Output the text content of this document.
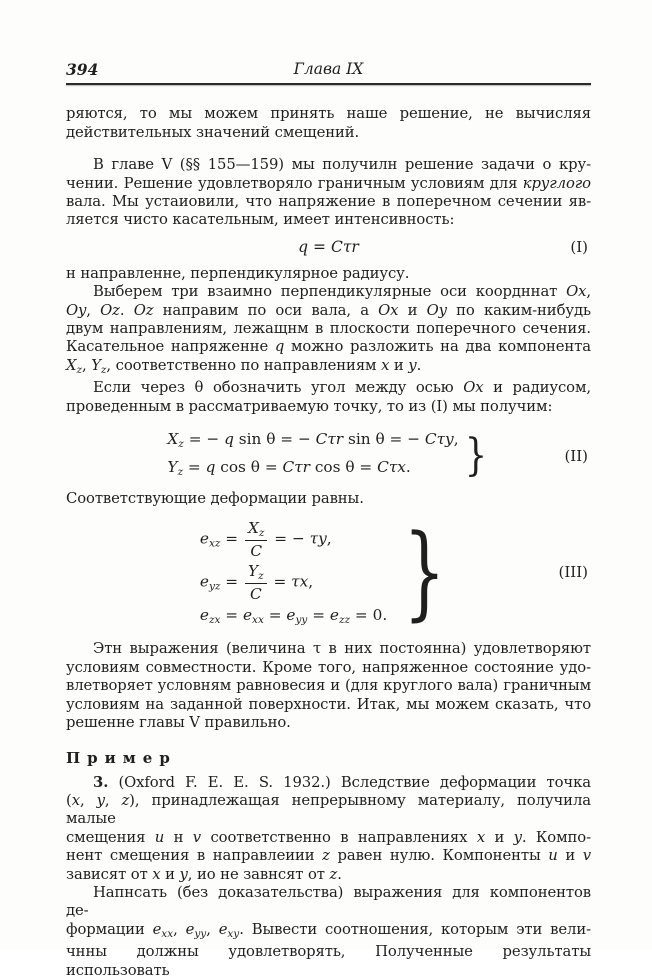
394	Глава IX
ряются, то мы можем принять наше решение, не вычисляя
действительных значений смещений.
В главе V (§§ 155—159) мы получилн решение задачи о кру-
чении. Решение удовлетворяло граничным условиям для круглого
вала. Мы устаиовили, что напряжение в поперечном сечении яв-
ляется чисто касательным, имеет интенсивность:
q = Cτr	(I)
н направленне, перпендикулярное радиусу.
Выберем три взаимно перпендикулярные оси коордннат Ox,
Oy, Oz. Oz направим по оси вала, а Ox и Oy по каким-нибудь
двум направлениям, лежащнм в плоскости поперечного сечения.
Касательное напряженне q можно разложить на два компонента
$X_z$, $Y_z$, соответственно по направлениям x и y.
Если через θ обозначить угол между осью Ox и радиусом,
проведенным в рассматриваемую точку, то из (I) мы получим:
Xz = − q sin θ = − Cτr sin θ = − Cτy,
Yz = q cos θ = Cτr cos θ = Cτx.	}	(II)
Соответствующие деформации равны.
exz = $\frac{Xz}{C}$ = − τy,
eyz = $\frac{Yz}{C} = \tau x$,
ezx = exx = eyy = ezz = 0. }	(III)
Этн выражения (величина τ в них постоянна) удовлетворяют
условиям совместности. Кроме того, напряженное состояние удо-
влетворяет условням равновесия и (для круглого вала) граничным
условиям на заданной поверхности. Итак, мы можем сказать, что
решенне главы V правильно.
Пример
3. (Oxford F. E. E. S. 1932.) Вследствие деформации точка
(x, y, z), принадлежащая непрерывному материалу, получила малые
смещения u н v соответственно в направлениях x и y. Компо-
нент смещения в направлеиии z равен нулю. Компоненты u и v
зависят от x и y, ио не завнсят от z.
Напнсать (без доказательства) выражения для компонентов де-
формации $e_{xx}$, $e_{yy}$, $e_{xy}$. Вывести соотношения, которым эти вели-
чнны должны удовлетворять, Полученные результаты использовать
